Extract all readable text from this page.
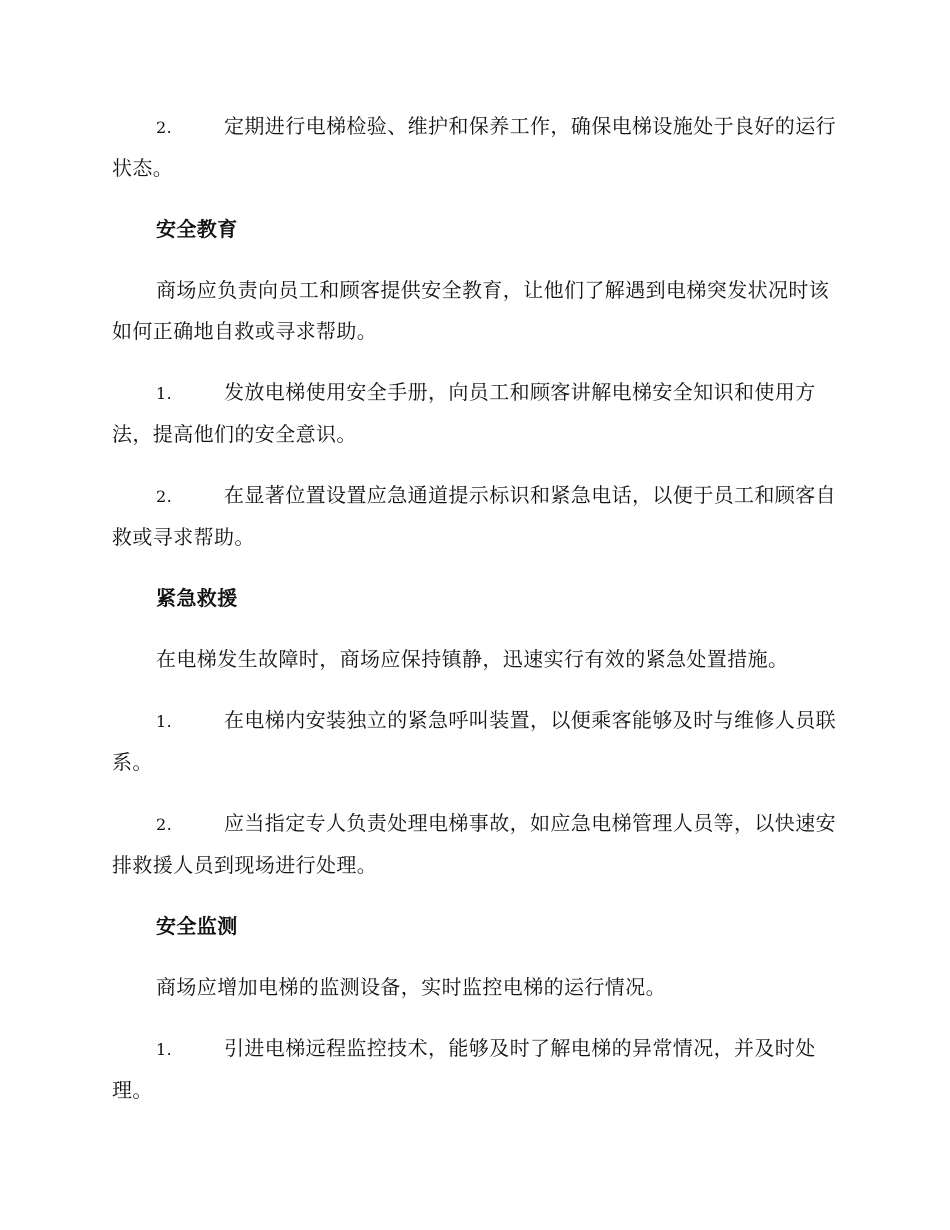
2.	定期进行电梯检验、维护和保养工作，确保电梯设施处于良好的运行状态。

安全教育

商场应负责向员工和顾客提供安全教育，让他们了解遇到电梯突发状况时该如何正确地自救或寻求帮助。

1.	发放电梯使用安全手册，向员工和顾客讲解电梯安全知识和使用方法，提高他们的安全意识。

2.	在显著位置设置应急通道提示标识和紧急电话，以便于员工和顾客自救或寻求帮助。

紧急救援

在电梯发生故障时，商场应保持镇静，迅速实行有效的紧急处置措施。

1.	在电梯内安装独立的紧急呼叫装置，以便乘客能够及时与维修人员联系。

2.	应当指定专人负责处理电梯事故，如应急电梯管理人员等，以快速安排救援人员到现场进行处理。

安全监测

商场应增加电梯的监测设备，实时监控电梯的运行情况。

1.	引进电梯远程监控技术，能够及时了解电梯的异常情况，并及时处理。
